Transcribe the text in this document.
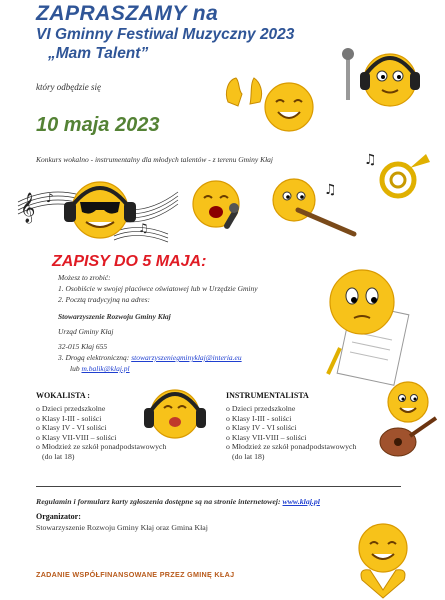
ZAPRASZAMY na
VI Gminny Festiwal Muzyczny 2023
„Mam Talent”
który odbędzie się
10 maja 2023
Konkurs wokalno - instrumentalny dla młodych talentów - z terenu Gminy Kłaj
𝄞 ♪
♫
♫
♫
ZAPISY DO 5 MAJA:
Możesz to zrobić:
1. Osobiście w swojej placówce oświatowej lub w Urzędzie Gminy
2. Pocztą tradycyjną na adres:
Stowarzyszenie Rozwoju Gminy Kłaj
Urząd Gminy Kłaj
32-015 Kłaj 655
3. Drogą elektroniczną: stowarzyszeniegminyklaj@interia.eu
lub m.balik@klaj.pl
WOKALISTA :
o Dzieci przedszkolne
o Klasy I-III - soliści
o Klasy IV - VI soliści
o Klasy VII-VIII – soliści
o Młodzież ze szkół ponadpodstawowych
(do lat 18)
INSTRUMENTALISTA
o Dzieci przedszkolne
o Klasy I-III - soliści
o Klasy IV - VI soliści
o Klasy VII-VIII – soliści
o Młodzież ze szkół ponadpodstawowych
(do lat 18)
Regulamin i formularz karty zgłoszenia dostępne są na stronie internetowej: www.klaj.pl
Organizator:
Stowarzyszenie Rozwoju Gminy Kłaj oraz Gmina Kłaj
ZADANIE WSPÓŁFINANSOWANE PRZEZ GMINĘ KŁAJ
